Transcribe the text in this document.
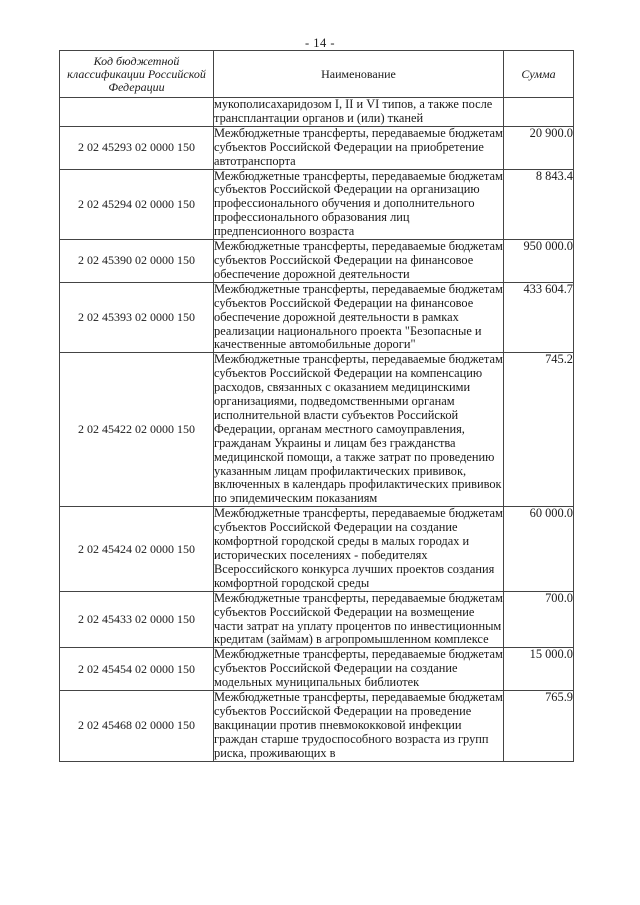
- 14 -
Код бюджетной классификации Российской Федерации	Наименование	Сумма
	мукополисахаридозом I, II и VI типов, а также после трансплантации органов и (или) тканей	
2 02 45293 02 0000 150	Межбюджетные трансферты, передаваемые бюджетам субъектов Российской Федерации на приобретение автотранспорта	20 900.0
2 02 45294 02 0000 150	Межбюджетные трансферты, передаваемые бюджетам субъектов Российской Федерации на организацию профессионального обучения и дополнительного профессионального образования лиц предпенсионного возраста	8 843.4
2 02 45390 02 0000 150	Межбюджетные трансферты, передаваемые бюджетам субъектов Российской Федерации на финансовое обеспечение дорожной деятельности	950 000.0
2 02 45393 02 0000 150	Межбюджетные трансферты, передаваемые бюджетам субъектов Российской Федерации на финансовое обеспечение дорожной деятельности в рамках реализации национального проекта "Безопасные и качественные автомобильные дороги"	433 604.7
2 02 45422 02 0000 150	Межбюджетные трансферты, передаваемые бюджетам субъектов Российской Федерации на компенсацию расходов, связанных с оказанием медицинскими организациями, подведомственными органам исполнительной власти субъектов Российской Федерации, органам местного самоуправления, гражданам Украины и лицам без гражданства медицинской помощи, а также затрат по проведению указанным лицам профилактических прививок, включенных в календарь профилактических прививок по эпидемическим показаниям	745.2
2 02 45424 02 0000 150	Межбюджетные трансферты, передаваемые бюджетам субъектов Российской Федерации на создание комфортной городской среды в малых городах и исторических поселениях - победителях Всероссийского конкурса лучших проектов создания комфортной городской среды	60 000.0
2 02 45433 02 0000 150	Межбюджетные трансферты, передаваемые бюджетам субъектов Российской Федерации на возмещение части затрат на уплату процентов по инвестиционным кредитам (займам) в агропромышленном комплексе	700.0
2 02 45454 02 0000 150	Межбюджетные трансферты, передаваемые бюджетам субъектов Российской Федерации на создание модельных муниципальных библиотек	15 000.0
2 02 45468 02 0000 150	Межбюджетные трансферты, передаваемые бюджетам субъектов Российской Федерации на проведение вакцинации против пневмококковой инфекции граждан старше трудоспособного возраста из групп риска, проживающих в	765.9
